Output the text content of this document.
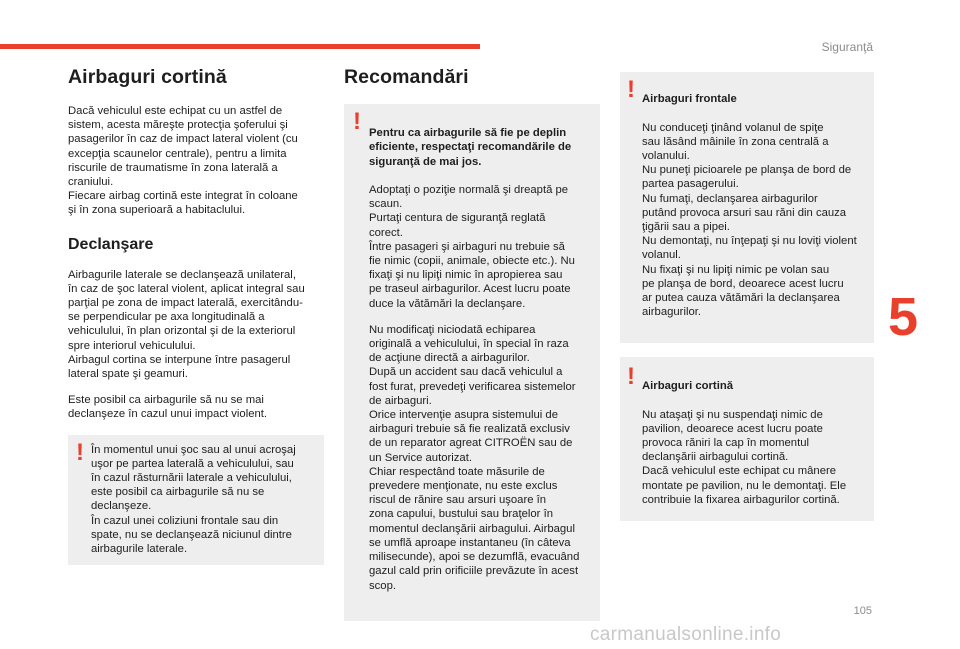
Siguranţă
5
Airbaguri cortină

Dacă vehiculul este echipat cu un astfel de
sistem, acesta măreşte protecţia şoferului şi
pasagerilor în caz de impact lateral violent (cu
excepţia scaunelor centrale), pentru a limita
riscurile de traumatisme în zona laterală a
craniului.
Fiecare airbag cortină este integrat în coloane
şi în zona superioară a habitaclului.

Declanşare

Airbagurile laterale se declanşează unilateral,
în caz de şoc lateral violent, aplicat integral sau
parţial pe zona de impact laterală, exercitându-
se perpendicular pe axa longitudinală a
vehiculului, în plan orizontal şi de la exteriorul
spre interiorul vehiculului.
Airbagul cortina se interpune între pasagerul
lateral spate şi geamuri.

Este posibil ca airbagurile să nu se mai
declanşeze în cazul unui impact violent.

! În momentul unui şoc sau al unui acroşaj
uşor pe partea laterală a vehiculului, sau
în cazul răsturnării laterale a vehiculului,
este posibil ca airbagurile să nu se
declanşeze.
În cazul unei coliziuni frontale sau din
spate, nu se declanşează niciunul dintre
airbagurile laterale.
Recomandări
! Pentru ca airbagurile să fie pe deplin
eficiente, respectaţi recomandările de
siguranţă de mai jos.

Adoptaţi o poziţie normală şi dreaptă pe
scaun.
Purtaţi centura de siguranţă reglată
corect.
Între pasageri şi airbaguri nu trebuie să
fie nimic (copii, animale, obiecte etc.). Nu
fixaţi şi nu lipiţi nimic în apropierea sau
pe traseul airbagurilor. Acest lucru poate
duce la vătămări la declanşare.

Nu modificaţi niciodată echiparea
originală a vehiculului, în special în raza
de acţiune directă a airbagurilor.
După un accident sau dacă vehiculul a
fost furat, prevedeţi verificarea sistemelor
de airbaguri.
Orice intervenţie asupra sistemului de
airbaguri trebuie să fie realizată exclusiv
de un reparator agreat CITROËN sau de
un Service autorizat.
Chiar respectând toate măsurile de
prevedere menţionate, nu este exclus
riscul de rănire sau arsuri uşoare în
zona capului, bustului sau braţelor în
momentul declanşării airbagului. Airbagul
se umflă aproape instantaneu (în câteva
milisecunde), apoi se dezumflă, evacuând
gazul cald prin orificiile prevăzute în acest
scop.
! Airbaguri frontale

Nu conduceţi ţinând volanul de spiţe
sau lăsând mâinile în zona centrală a
volanului.
Nu puneţi picioarele pe planşa de bord de
partea pasagerului.
Nu fumaţi, declanşarea airbagurilor
putând provoca arsuri sau răni din cauza
ţigării sau a pipei.
Nu demontaţi, nu înţepaţi şi nu loviţi violent
volanul.
Nu fixaţi şi nu lipiţi nimic pe volan sau
pe planşa de bord, deoarece acest lucru
ar putea cauza vătămări la declanşarea
airbagurilor.

! Airbaguri cortină

Nu ataşaţi şi nu suspendaţi nimic de
pavilion, deoarece acest lucru poate
provoca răniri la cap în momentul
declanşării airbagului cortină.
Dacă vehiculul este echipat cu mânere
montate pe pavilion, nu le demontaţi. Ele
contribuie la fixarea airbagurilor cortină.

105
carmanualsonline.info
